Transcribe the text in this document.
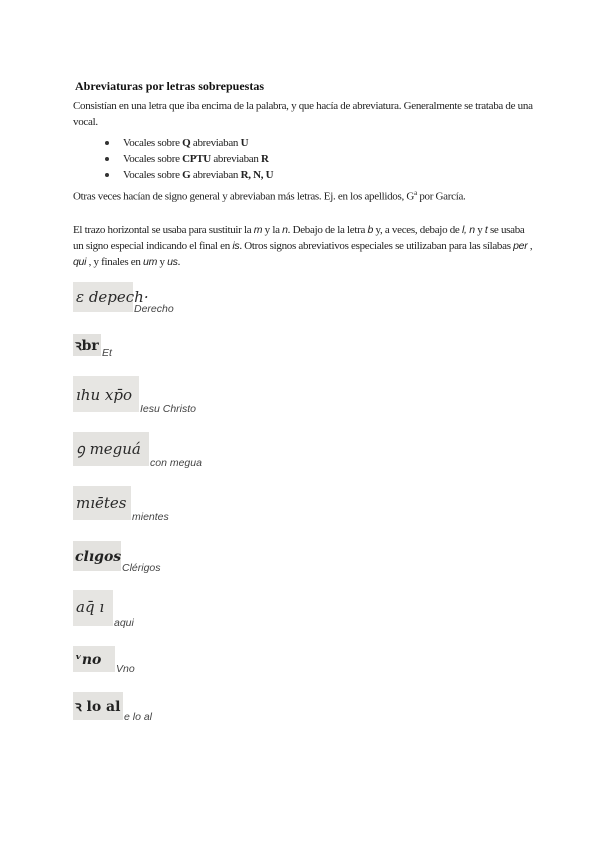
Abreviaturas por letras sobrepuestas
Consistían en una letra que iba encima de la palabra, y que hacía de abreviatura. Generalmente se trataba de una vocal.
Vocales sobre Q abreviaban U
Vocales sobre CPTU abreviaban R
Vocales sobre G abreviaban R, N, U
Otras veces hacían de signo general y abreviaban más letras. Ej. en los apellidos, $G^a$ por García.
El trazo horizontal se usaba para sustituir la m y la n. Debajo de la letra b y, a veces, debajo de l, n y t se usaba un signo especial indicando el final en is. Otros signos abreviativos especiales se utilizaban para las sílabas per , qui , y finales en um y us.
ɛ depech·
Derecho
ꝛbr Et
ıhu xp̄o
Iesu Christo
ꝯ meguá
con megua
mıētes
mientes
clıgos
Clérigos
aq̄ ı
aqui
ᵛno
Vno
ꝛ lo al
e lo al
